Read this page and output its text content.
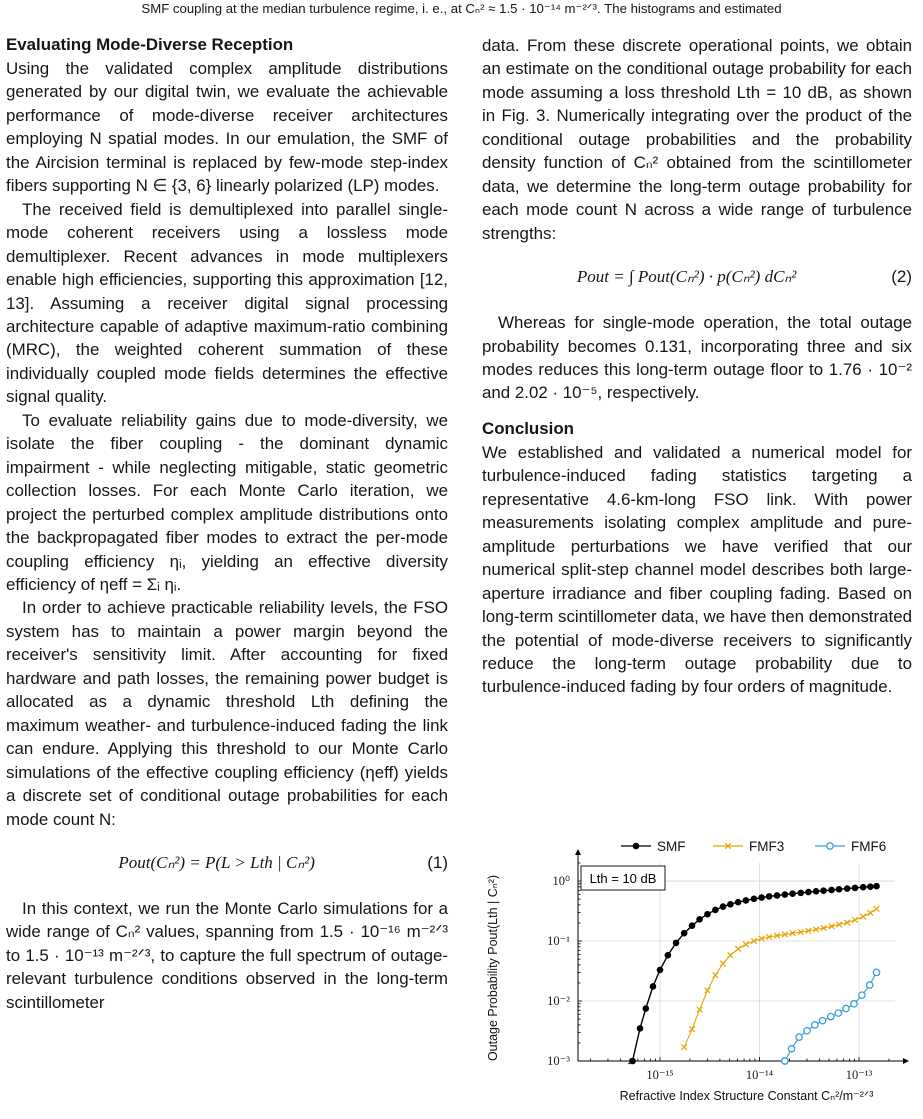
SMF coupling at the median turbulence regime, i. e., at Cₙ² ≈ 1.5 · 10⁻¹⁴ m⁻²ᐟ³. The histograms and estimated
Evaluating Mode-Diverse Reception

Using the validated complex amplitude distributions generated by our digital twin, we evaluate the achievable performance of mode-diverse receiver architectures employing N spatial modes. In our emulation, the SMF of the Aircision terminal is replaced by few-mode step-index fibers supporting N ∈ {3, 6} linearly polarized (LP) modes.

The received field is demultiplexed into parallel single-mode coherent receivers using a lossless mode demultiplexer. Recent advances in mode multiplexers enable high efficiencies, supporting this approximation [12, 13]. Assuming a receiver digital signal processing architecture capable of adaptive maximum-ratio combining (MRC), the weighted coherent summation of these individually coupled mode fields determines the effective signal quality.

To evaluate reliability gains due to mode-diversity, we isolate the fiber coupling - the dominant dynamic impairment - while neglecting mitigable, static geometric collection losses. For each Monte Carlo iteration, we project the perturbed complex amplitude distributions onto the backpropagated fiber modes to extract the per-mode coupling efficiency ηᵢ, yielding an effective diversity efficiency of ηeff = Σᵢ ηᵢ.

In order to achieve practicable reliability levels, the FSO system has to maintain a power margin beyond the receiver's sensitivity limit. After accounting for fixed hardware and path losses, the remaining power budget is allocated as a dynamic threshold Lth defining the maximum weather- and turbulence-induced fading the link can endure. Applying this threshold to our Monte Carlo simulations of the effective coupling efficiency (ηeff) yields a discrete set of conditional outage probabilities for each mode count N:

Pout(Cₙ²) = P(L > Lth | Cₙ²)	(1)

In this context, we run the Monte Carlo simulations for a wide range of Cₙ² values, spanning from 1.5 · 10⁻¹⁶ m⁻²ᐟ³ to 1.5 · 10⁻¹³ m⁻²ᐟ³, to capture the full spectrum of outage-relevant turbulence conditions observed in the long-term scintillometer

data. From these discrete operational points, we obtain an estimate on the conditional outage probability for each mode assuming a loss threshold Lth = 10 dB, as shown in Fig. 3. Numerically integrating over the product of the conditional outage probabilities and the probability density function of Cₙ² obtained from the scintillometer data, we determine the long-term outage probability for each mode count N across a wide range of turbulence strengths:

Pout = ∫ Pout(Cₙ²) · p(Cₙ²) dCₙ²	(2)

Whereas for single-mode operation, the total outage probability becomes 0.131, incorporating three and six modes reduces this long-term outage floor to 1.76 · 10⁻² and 2.02 · 10⁻⁵, respectively.

Conclusion

We established and validated a numerical model for turbulence-induced fading statistics targeting a representative 4.6-km-long FSO link. With power measurements isolating complex amplitude and pure-amplitude perturbations we have verified that our numerical split-step channel model describes both large-aperture irradiance and fiber coupling fading. Based on long-term scintillometer data, we have then demonstrated the potential of mode-diverse receivers to significantly reduce the long-term outage probability due to turbulence-induced fading by four orders of magnitude.

10⁻¹⁵	10⁻¹⁴	10⁻¹³
10⁰
10⁻¹
10⁻²
10⁻³
SMF	FMF3	FMF6
Lth = 10 dB
Refractive Index Structure Constant Cₙ²/m⁻²ᐟ³
Outage Probability Pout(Lth | Cₙ²)
